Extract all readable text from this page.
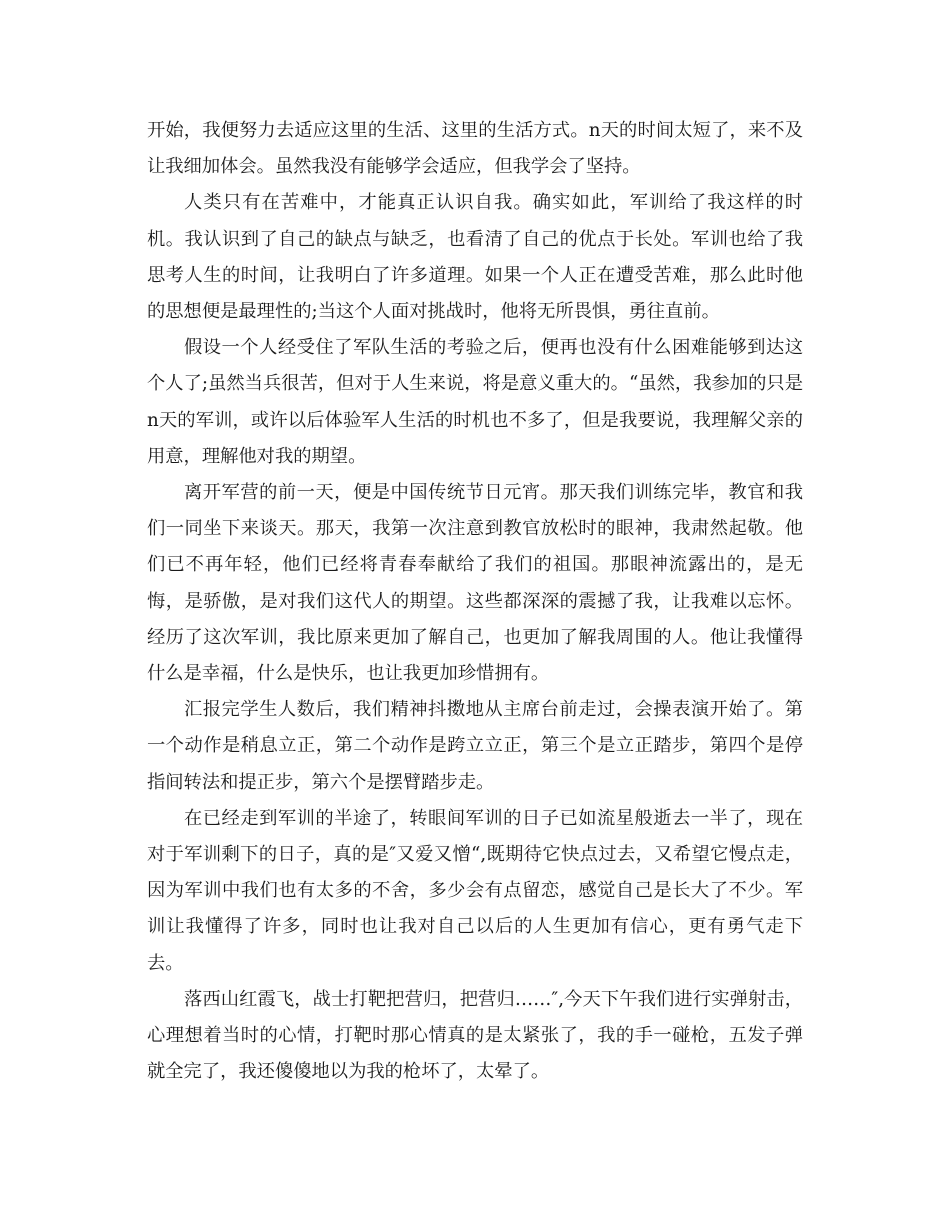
开始，我便努力去适应这里的生活、这里的生活方式。n天的时间太短了，来不及让我细加体会。虽然我没有能够学会适应，但我学会了坚持。

人类只有在苦难中，才能真正认识自我。确实如此，军训给了我这样的时机。我认识到了自己的缺点与缺乏，也看清了自己的优点于长处。军训也给了我思考人生的时间，让我明白了许多道理。如果一个人正在遭受苦难，那么此时他的思想便是最理性的;当这个人面对挑战时，他将无所畏惧，勇往直前。

假设一个人经受住了军队生活的考验之后，便再也没有什么困难能够到达这个人了;虽然当兵很苦，但对于人生来说，将是意义重大的。“虽然，我参加的只是n天的军训，或许以后体验军人生活的时机也不多了，但是我要说，我理解父亲的用意，理解他对我的期望。

离开军营的前一天，便是中国传统节日元宵。那天我们训练完毕，教官和我们一同坐下来谈天。那天，我第一次注意到教官放松时的眼神，我肃然起敬。他们已不再年轻，他们已经将青春奉献给了我们的祖国。那眼神流露出的，是无悔，是骄傲，是对我们这代人的期望。这些都深深的震撼了我，让我难以忘怀。经历了这次军训，我比原来更加了解自己，也更加了解我周围的人。他让我懂得什么是幸福，什么是快乐，也让我更加珍惜拥有。

汇报完学生人数后，我们精神抖擞地从主席台前走过，会操表演开始了。第一个动作是稍息立正，第二个动作是跨立立正，第三个是立正踏步，第四个是停指间转法和提正步，第六个是摆臂踏步走。

在已经走到军训的半途了，转眼间军训的日子已如流星般逝去一半了，现在对于军训剩下的日子，真的是″又爱又憎“,既期待它快点过去，又希望它慢点走，因为军训中我们也有太多的不舍，多少会有点留恋，感觉自己是长大了不少。军训让我懂得了许多，同时也让我对自己以后的人生更加有信心，更有勇气走下去。

落西山红霞飞，战士打靶把营归，把营归……″,今天下午我们进行实弹射击，心理想着当时的心情，打靶时那心情真的是太紧张了，我的手一碰枪，五发子弹就全完了，我还傻傻地以为我的枪坏了，太晕了。
